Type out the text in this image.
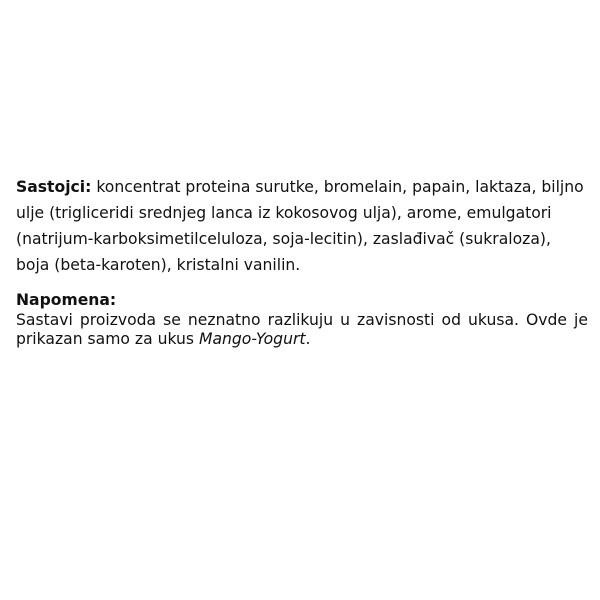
Sastojci: koncentrat proteina surutke, bromelain, papain, laktaza, biljno ulje (trigliceridi srednjeg lanca iz kokosovog ulja), arome, emulgatori (natrijum-karboksimetilceluloza, soja-lecitin), zaslađivač (sukraloza), boja (beta-karoten), kristalni vanilin.

Napomena:
Sastavi proizvoda se neznatno razlikuju u zavisnosti od ukusa. Ovde je prikazan samo za ukus Mango-Yogurt.
